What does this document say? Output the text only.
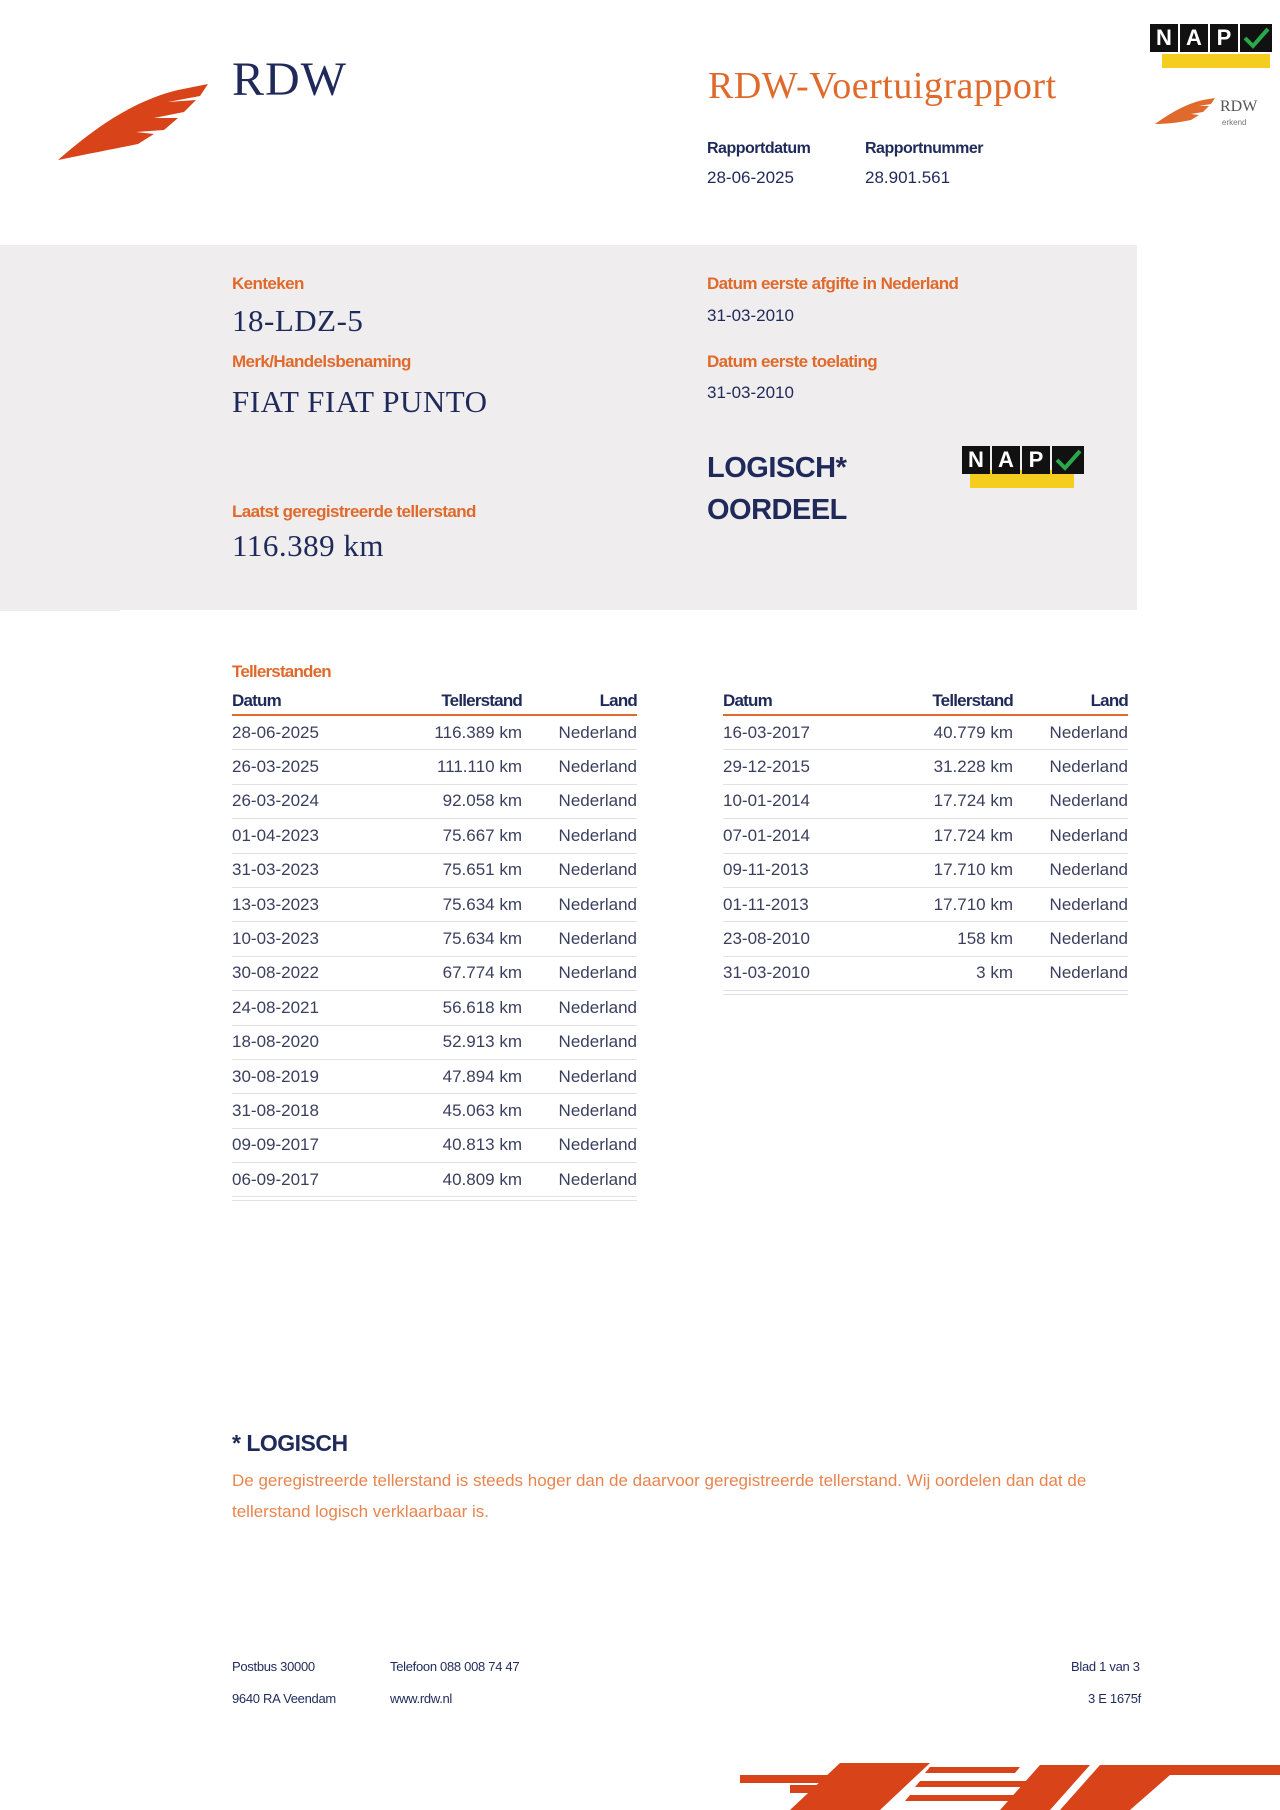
RDW	RDW-Voertuigrapport
Rapportdatum
28-06-2025
Rapportnummer
28.901.561
N A P
RDW
erkend
Kenteken
18-LDZ-5
Merk/Handelsbenaming
FIAT FIAT PUNTO
Laatst geregistreerde tellerstand
116.389 km
Datum eerste afgifte in Nederland
31-03-2010
Datum eerste toelating
31-03-2010
LOGISCH*
OORDEEL
N A P
Tellerstanden
Datum	Tellerstand	Land
28-06-2025	116.389 km	Nederland
26-03-2025	111.110 km	Nederland
26-03-2024	92.058 km	Nederland
01-04-2023	75.667 km	Nederland
31-03-2023	75.651 km	Nederland
13-03-2023	75.634 km	Nederland
10-03-2023	75.634 km	Nederland
30-08-2022	67.774 km	Nederland
24-08-2021	56.618 km	Nederland
18-08-2020	52.913 km	Nederland
30-08-2019	47.894 km	Nederland
31-08-2018	45.063 km	Nederland
09-09-2017	40.813 km	Nederland
06-09-2017	40.809 km	Nederland
Datum	Tellerstand	Land
16-03-2017	40.779 km	Nederland
29-12-2015	31.228 km	Nederland
10-01-2014	17.724 km	Nederland
07-01-2014	17.724 km	Nederland
09-11-2013	17.710 km	Nederland
01-11-2013	17.710 km	Nederland
23-08-2010	158 km	Nederland
31-03-2010	3 km	Nederland
* LOGISCH
De geregistreerde tellerstand is steeds hoger dan de daarvoor geregistreerde tellerstand. Wij oordelen dan dat de tellerstand logisch verklaarbaar is.
Postbus 30000
9640 RA Veendam
Telefoon 088 008 74 47
www.rdw.nl
Blad 1 van 3
3 E 1675f
